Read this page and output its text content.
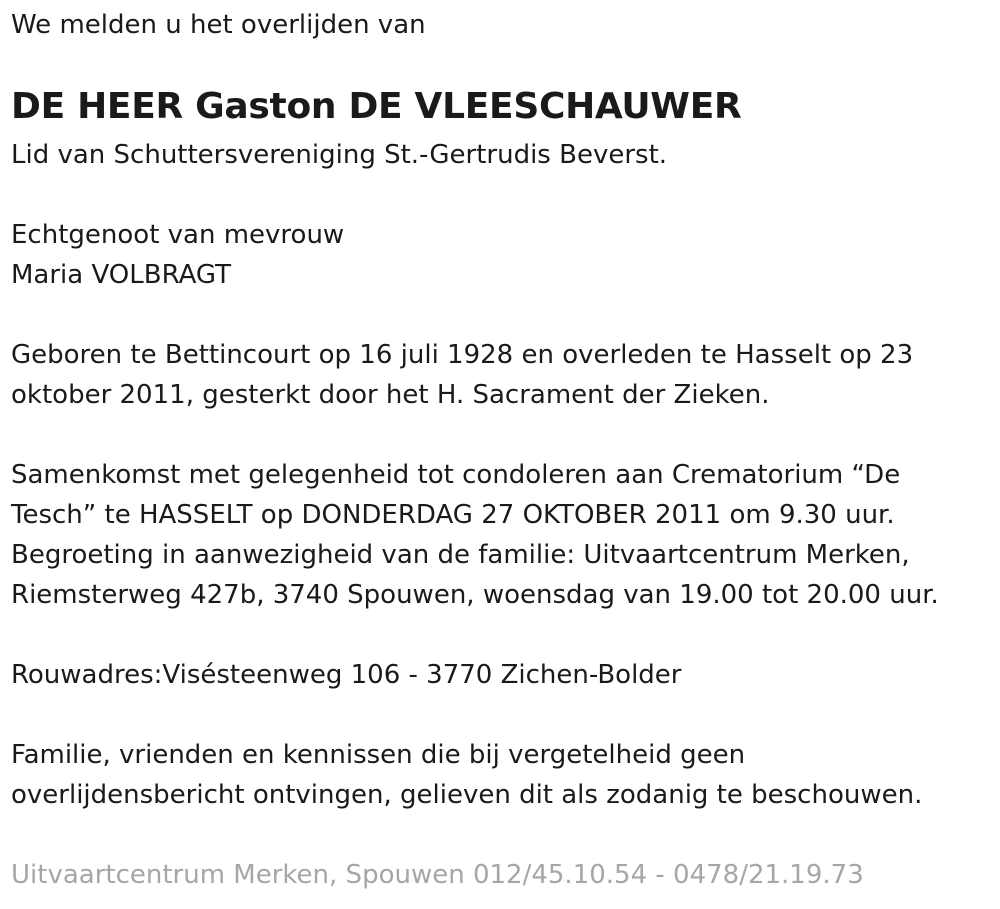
We melden u het overlijden van

DE HEER Gaston DE VLEESCHAUWER

Lid van Schuttersvereniging St.-Gertrudis Beverst.

Echtgenoot van mevrouw

Maria VOLBRAGT

Geboren te Bettincourt op 16 juli 1928 en overleden te Hasselt op 23

oktober 2011, gesterkt door het H. Sacrament der Zieken.

Samenkomst met gelegenheid tot condoleren aan Crematorium “De

Tesch” te HASSELT op DONDERDAG 27 OKTOBER 2011 om 9.30 uur.

Begroeting in aanwezigheid van de familie: Uitvaartcentrum Merken,

Riemsterweg 427b, 3740 Spouwen, woensdag van 19.00 tot 20.00 uur.

Rouwadres:Visésteenweg 106 - 3770 Zichen-Bolder

Familie, vrienden en kennissen die bij vergetelheid geen

overlijdensbericht ontvingen, gelieven dit als zodanig te beschouwen.

Uitvaartcentrum Merken, Spouwen 012/45.10.54 - 0478/21.19.73
